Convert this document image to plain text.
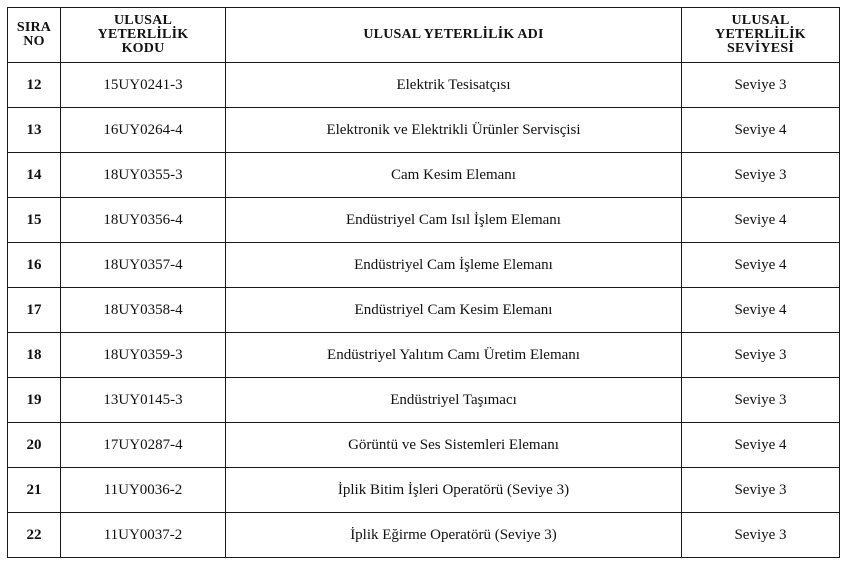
SIRA
NO	ULUSAL
YETERLİLİK
KODU	ULUSAL YETERLİLİK ADI	ULUSAL
YETERLİLİK
SEVİYESİ

12	15UY0241-3	Elektrik Tesisatçısı	Seviye 3
13	16UY0264-4	Elektronik ve Elektrikli Ürünler Servisçisi	Seviye 4
14	18UY0355-3	Cam Kesim Elemanı	Seviye 3
15	18UY0356-4	Endüstriyel Cam Isıl İşlem Elemanı	Seviye 4
16	18UY0357-4	Endüstriyel Cam İşleme Elemanı	Seviye 4
17	18UY0358-4	Endüstriyel Cam Kesim Elemanı	Seviye 4
18	18UY0359-3	Endüstriyel Yalıtım Camı Üretim Elemanı	Seviye 3
19	13UY0145-3	Endüstriyel Taşımacı	Seviye 3
20	17UY0287-4	Görüntü ve Ses Sistemleri Elemanı	Seviye 4
21	11UY0036-2	İplik Bitim İşleri Operatörü (Seviye 3)	Seviye 3
22	11UY0037-2	İplik Eğirme Operatörü (Seviye 3)	Seviye 3
